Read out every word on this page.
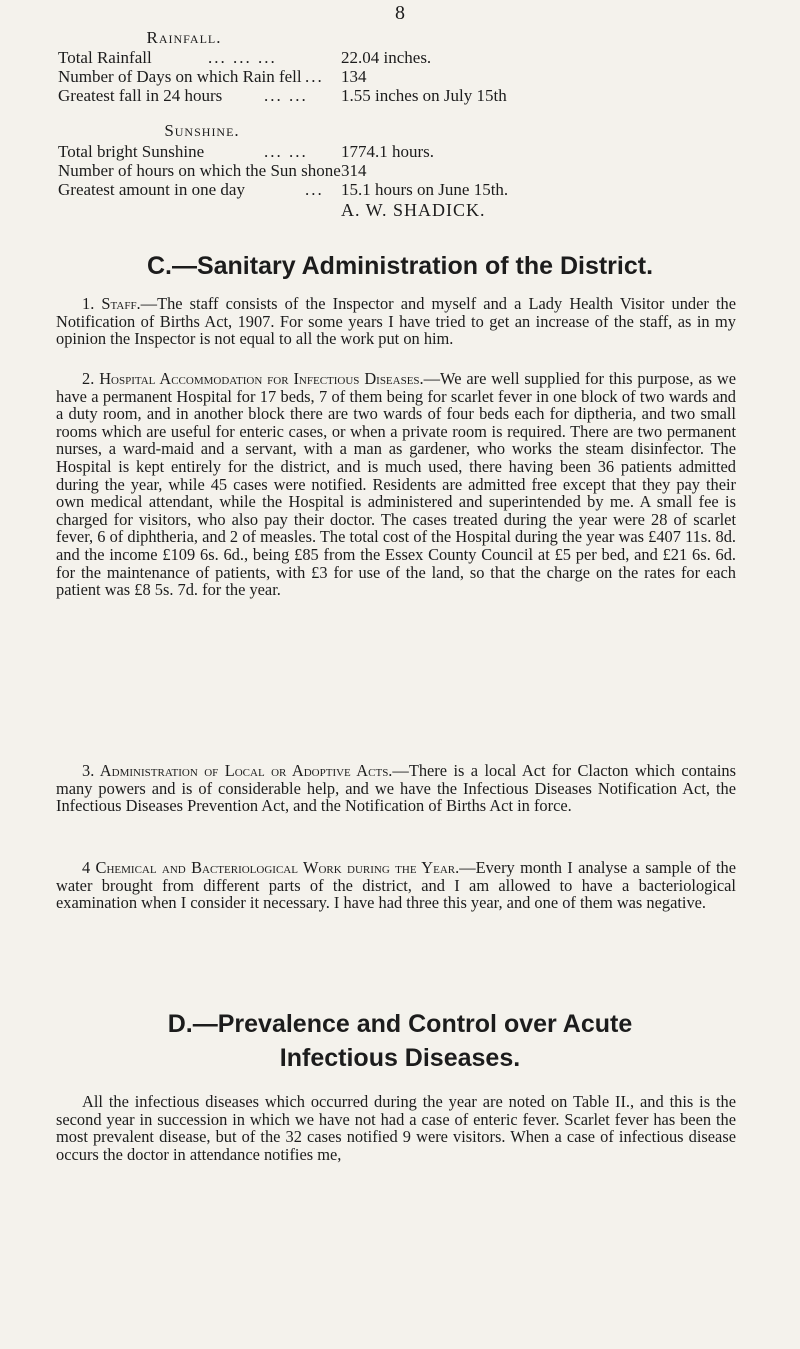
8
Rainfall.
Total Rainfall	... ... ...	22.04 inches.
Number of Days on which Rain fell ... 134
Greatest fall in 24 hours ... ... 1.55 inches on July 15th
Sunshine.
Total bright Sunshine	... ... 1774.1 hours.
Number of hours on which the Sun shone 314
Greatest amount in one day	... 15.1 hours on June 15th.
A. W. SHADICK.
C.—Sanitary Administration of the District.
1. Staff.—The staff consists of the Inspector and myself and a Lady Health Visitor under the Notification of Births Act, 1907. For some years I have tried to get an increase of the staff, as in my opinion the Inspector is not equal to all the work put on him.
2. Hospital Accommodation for Infectious Diseases.—We are well supplied for this purpose, as we have a permanent Hospital for 17 beds, 7 of them being for scarlet fever in one block of two wards and a duty room, and in another block there are two wards of four beds each for diptheria, and two small rooms which are useful for enteric cases, or when a private room is required. There are two permanent nurses, a ward-maid and a servant, with a man as gardener, who works the steam disinfector. The Hospital is kept entirely for the district, and is much used, there having been 36 patients admitted during the year, while 45 cases were notified. Residents are admitted free except that they pay their own medical attendant, while the Hospital is administered and superintended by me. A small fee is charged for visitors, who also pay their doctor. The cases treated during the year were 28 of scarlet fever, 6 of diphtheria, and 2 of measles. The total cost of the Hospital during the year was £407 11s. 8d. and the income £109 6s. 6d., being £85 from the Essex County Council at £5 per bed, and £21 6s. 6d. for the maintenance of patients, with £3 for use of the land, so that the charge on the rates for each patient was £8 5s. 7d. for the year.
3. Administration of Local or Adoptive Acts.—There is a local Act for Clacton which contains many powers and is of considerable help, and we have the Infectious Diseases Notification Act, the Infectious Diseases Prevention Act, and the Notification of Births Act in force.
4 Chemical and Bacteriological Work during the Year.—Every month I analyse a sample of the water brought from different parts of the district, and I am allowed to have a bacteriological examination when I consider it necessary. I have had three this year, and one of them was negative.
D.—Prevalence and Control over Acute
Infectious Diseases.
All the infectious diseases which occurred during the year are noted on Table II., and this is the second year in succession in which we have not had a case of enteric fever. Scarlet fever has been the most prevalent disease, but of the 32 cases notified 9 were visitors. When a case of infectious disease occurs the doctor in attendance notifies me,
